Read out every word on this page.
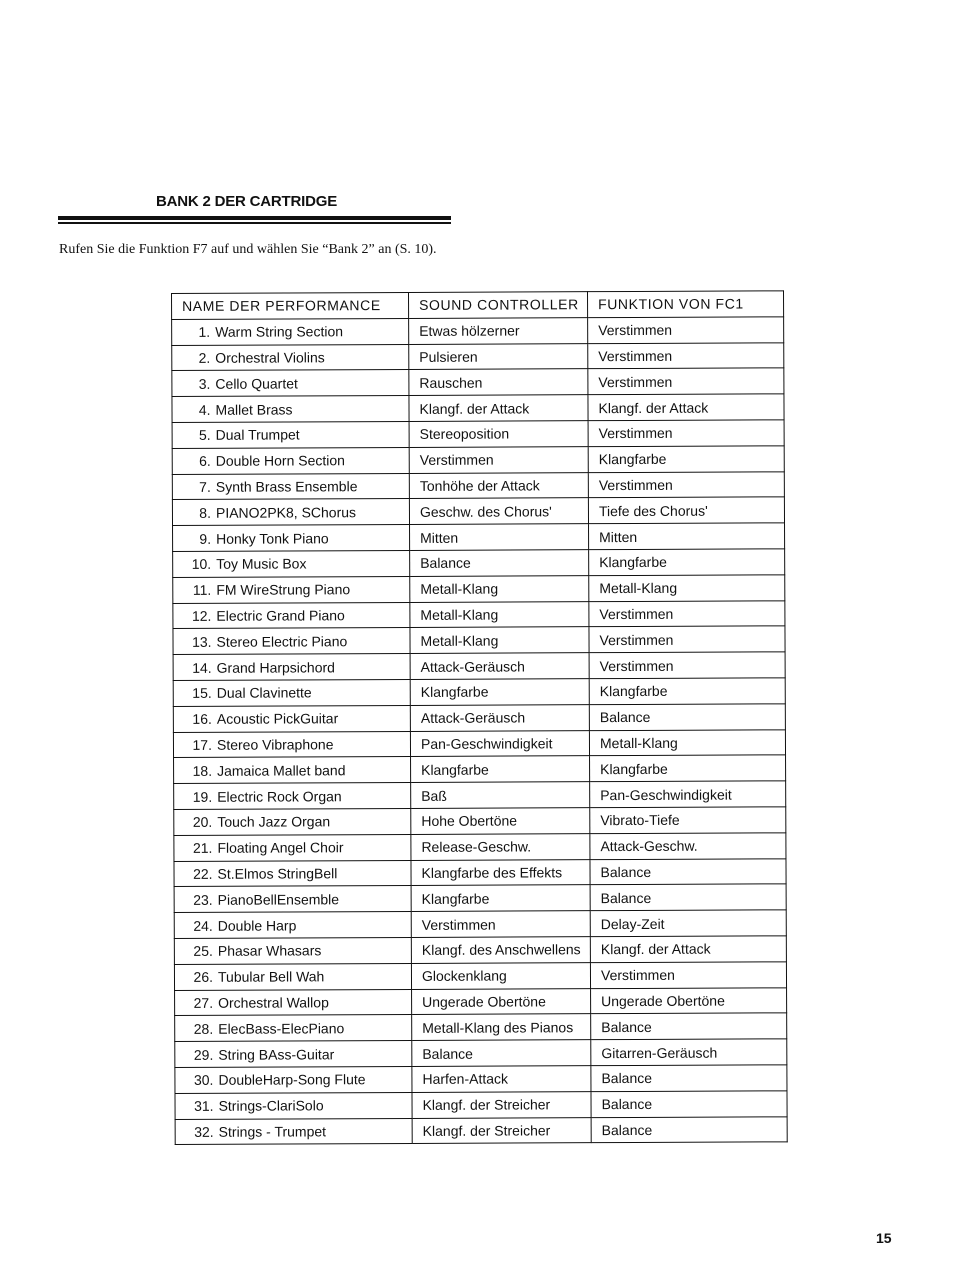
BANK 2 DER CARTRIDGE

Rufen Sie die Funktion F7 auf und wählen Sie “Bank 2” an (S. 10).

NAME DER PERFORMANCE	SOUND CONTROLLER	FUNKTION VON FC1
1. Warm String Section	Etwas hölzerner	Verstimmen
2. Orchestral Violins	Pulsieren	Verstimmen
3. Cello Quartet	Rauschen	Verstimmen
4. Mallet Brass	Klangf. der Attack	Klangf. der Attack
5. Dual Trumpet	Stereoposition	Verstimmen
6. Double Horn Section	Verstimmen	Klangfarbe
7. Synth Brass Ensemble	Tonhöhe der Attack	Verstimmen
8. PIANO2PK8, SChorus	Geschw. des Chorus'	Tiefe des Chorus'
9. Honky Tonk Piano	Mitten	Mitten
10. Toy Music Box	Balance	Klangfarbe
11. FM WireStrung Piano	Metall-Klang	Metall-Klang
12. Electric Grand Piano	Metall-Klang	Verstimmen
13. Stereo Electric Piano	Metall-Klang	Verstimmen
14. Grand Harpsichord	Attack-Geräusch	Verstimmen
15. Dual Clavinette	Klangfarbe	Klangfarbe
16. Acoustic PickGuitar	Attack-Geräusch	Balance
17. Stereo Vibraphone	Pan-Geschwindigkeit	Metall-Klang
18. Jamaica Mallet band	Klangfarbe	Klangfarbe
19. Electric Rock Organ	Baß	Pan-Geschwindigkeit
20. Touch Jazz Organ	Hohe Obertöne	Vibrato-Tiefe
21. Floating Angel Choir	Release-Geschw.	Attack-Geschw.
22. St.Elmos StringBell	Klangfarbe des Effekts	Balance
23. PianoBellEnsemble	Klangfarbe	Balance
24. Double Harp	Verstimmen	Delay-Zeit
25. Phasar Whasars	Klangf. des Anschwellens	Klangf. der Attack
26. Tubular Bell Wah	Glockenklang	Verstimmen
27. Orchestral Wallop	Ungerade Obertöne	Ungerade Obertöne
28. ElecBass-ElecPiano	Metall-Klang des Pianos	Balance
29. String BAss-Guitar	Balance	Gitarren-Geräusch
30. DoubleHarp-Song Flute	Harfen-Attack	Balance
31. Strings-ClariSolo	Klangf. der Streicher	Balance
32. Strings - Trumpet	Klangf. der Streicher	Balance

15
